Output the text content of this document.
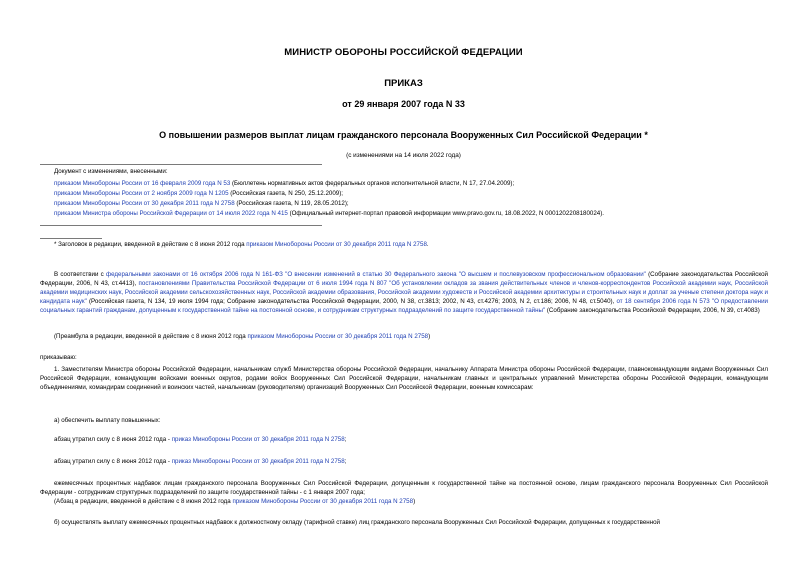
МИНИСТР ОБОРОНЫ РОССИЙСКОЙ ФЕДЕРАЦИИ
ПРИКАЗ
от 29 января 2007 года N 33
О повышении размеров выплат лицам гражданского персонала Вооруженных Сил Российской Федерации *
(с изменениями на 14 июля 2022 года)
Документ с изменениями, внесенными:
приказом Минобороны России от 16 февраля 2009 года N 53 (Бюллетень нормативных актов федеральных органов исполнительной власти, N 17, 27.04.2009);
приказом Минобороны России от 2 ноября 2009 года N 1205 (Российская газета, N 250, 25.12.2009);
приказом Минобороны России от 30 декабря 2011 года N 2758 (Российская газета, N 119, 28.05.2012);
приказом Министра обороны Российской Федерации от 14 июля 2022 года N 415 (Официальный интернет-портал правовой информации www.pravo.gov.ru, 18.08.2022, N 0001202208180024).
* Заголовок в редакции, введенной в действие с 8 июня 2012 года приказом Минобороны России от 30 декабря 2011 года N 2758.
В соответствии с федеральными законами от 16 октября 2006 года N 161-ФЗ "О внесении изменений в статью 30 Федерального закона "О высшем и послевузовском профессиональном образовании" (Собрание законодательства Российской Федерации, 2006, N 43, ст.4413), постановлениями Правительства Российской Федерации от 6 июля 1994 года N 807 "Об установлении окладов за звания действительных членов и членов-корреспондентов Российской академии наук, Российской академии медицинских наук, Российской академии сельскохозяйственных наук, Российской академии образования, Российской академии художеств и Российской академии архитектуры и строительных наук и доплат за ученые степени доктора наук и кандидата наук" (Российская газета, N 134, 19 июля 1994 года; Собрание законодательства Российской Федерации, 2000, N 38, ст.3813; 2002, N 43, ст.4276; 2003, N 2, ст.186; 2006, N 48, ст.5040), от 18 сентября 2006 года N 573 "О предоставлении социальных гарантий гражданам, допущенным к государственной тайне на постоянной основе, и сотрудникам структурных подразделений по защите государственной тайны" (Собрание законодательства Российской Федерации, 2006, N 39, ст.4083)
(Преамбула в редакции, введенной в действие с 8 июня 2012 года приказом Минобороны России от 30 декабря 2011 года N 2758)
приказываю:
1. Заместителям Министра обороны Российской Федерации, начальникам служб Министерства обороны Российской Федерации, начальнику Аппарата Министра обороны Российской Федерации, главнокомандующим видами Вооруженных Сил Российской Федерации, командующим войсками военных округов, родами войск Вооруженных Сил Российской Федерации, начальникам главных и центральных управлений Министерства обороны Российской Федерации, командующим объединениями, командирам соединений и воинских частей, начальникам (руководителям) организаций Вооруженных Сил Российской Федерации, военным комиссарам:
а) обеспечить выплату повышенных:
абзац утратил силу с 8 июня 2012 года - приказ Минобороны России от 30 декабря 2011 года N 2758;
абзац утратил силу с 8 июня 2012 года - приказ Минобороны России от 30 декабря 2011 года N 2758;
ежемесячных процентных надбавок лицам гражданского персонала Вооруженных Сил Российской Федерации, допущенным к государственной тайне на постоянной основе, лицам гражданского персонала Вооруженных Сил Российской Федерации - сотрудникам структурных подразделений по защите государственной тайны - с 1 января 2007 года;
(Абзац в редакции, введенной в действие с 8 июня 2012 года приказом Минобороны России от 30 декабря 2011 года N 2758)
б) осуществлять выплату ежемесячных процентных надбавок к должностному окладу (тарифной ставке) лиц гражданского персонала Вооруженных Сил Российской Федерации, допущенных к государственной
